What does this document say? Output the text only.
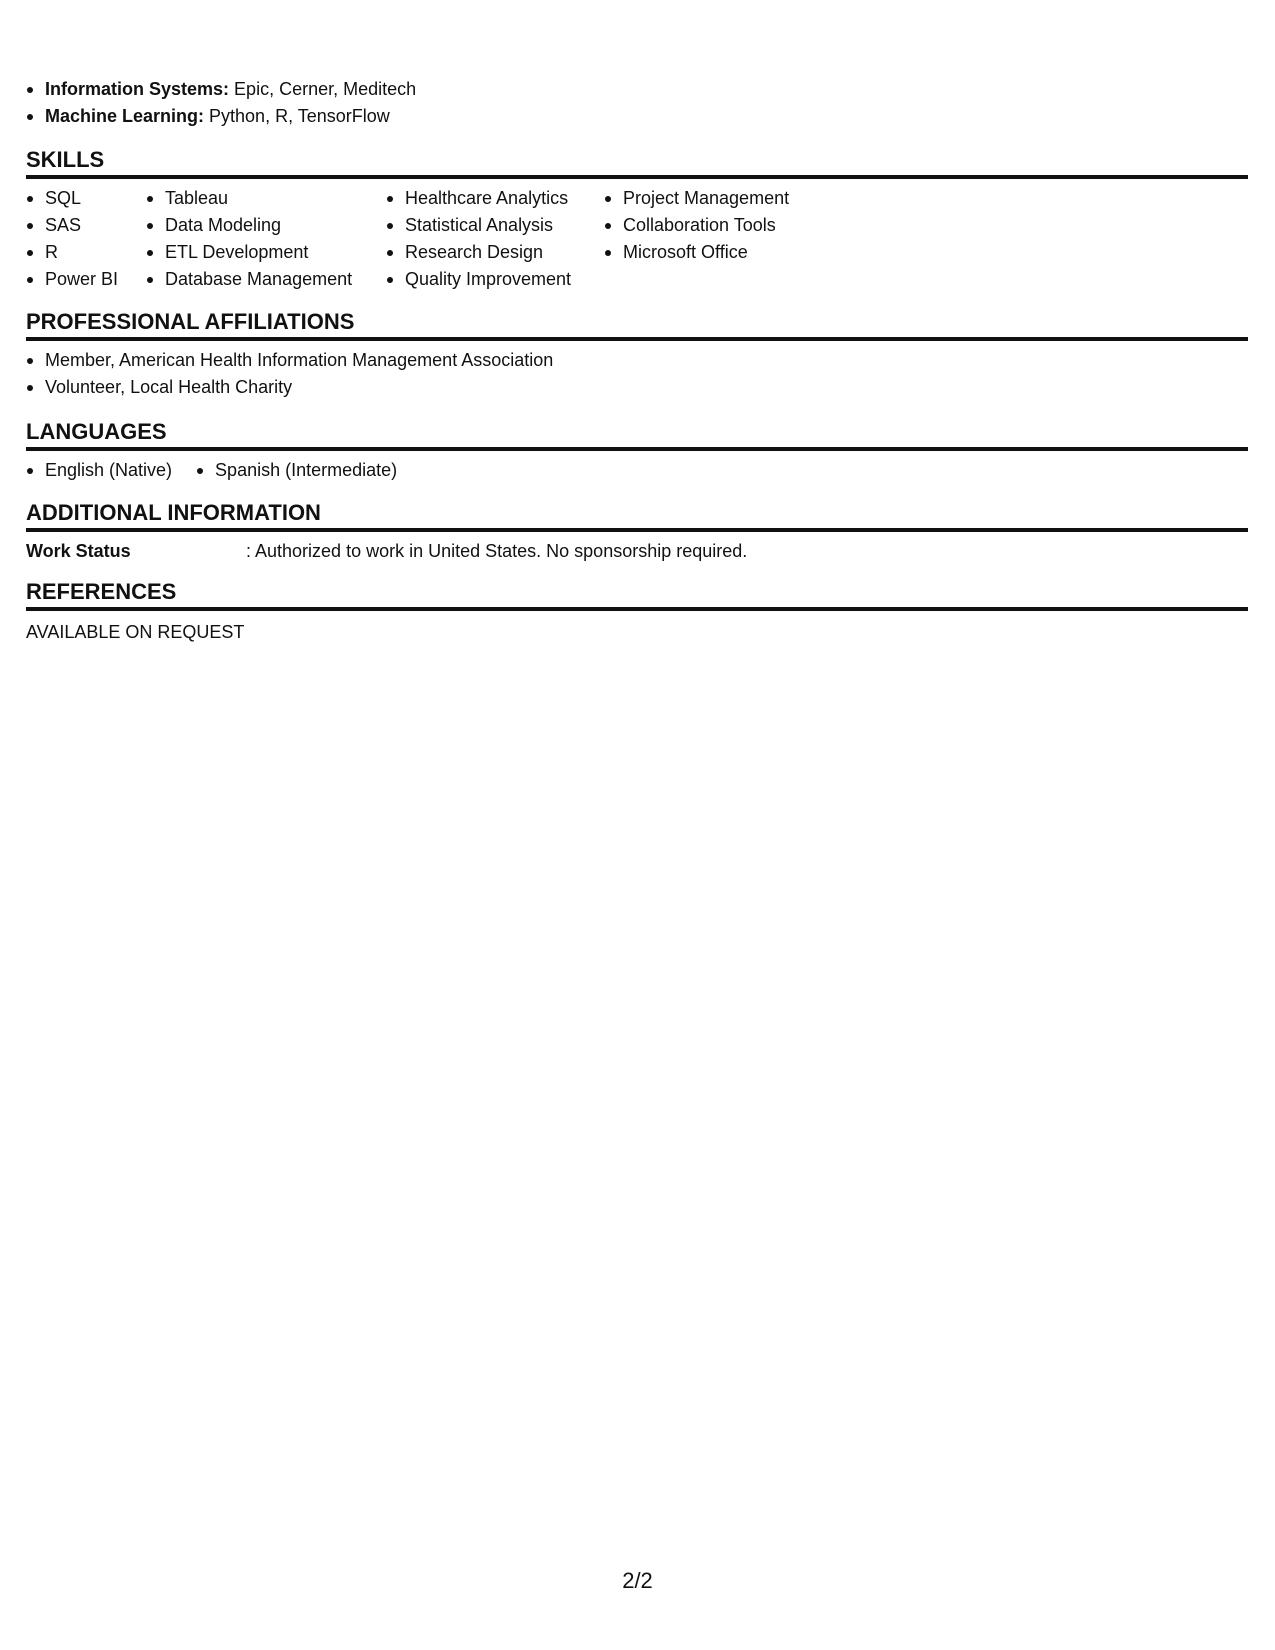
Information Systems: Epic, Cerner, Meditech
Machine Learning: Python, R, TensorFlow
SKILLS
SQL
SAS
R
Power BI
Tableau
Data Modeling
ETL Development
Database Management
Healthcare Analytics
Statistical Analysis
Research Design
Quality Improvement
Project Management
Collaboration Tools
Microsoft Office
PROFESSIONAL AFFILIATIONS
Member, American Health Information Management Association
Volunteer, Local Health Charity
LANGUAGES
English (Native)	Spanish (Intermediate)
ADDITIONAL INFORMATION
Work Status	: Authorized to work in United States. No sponsorship required.
REFERENCES
AVAILABLE ON REQUEST
2/2
